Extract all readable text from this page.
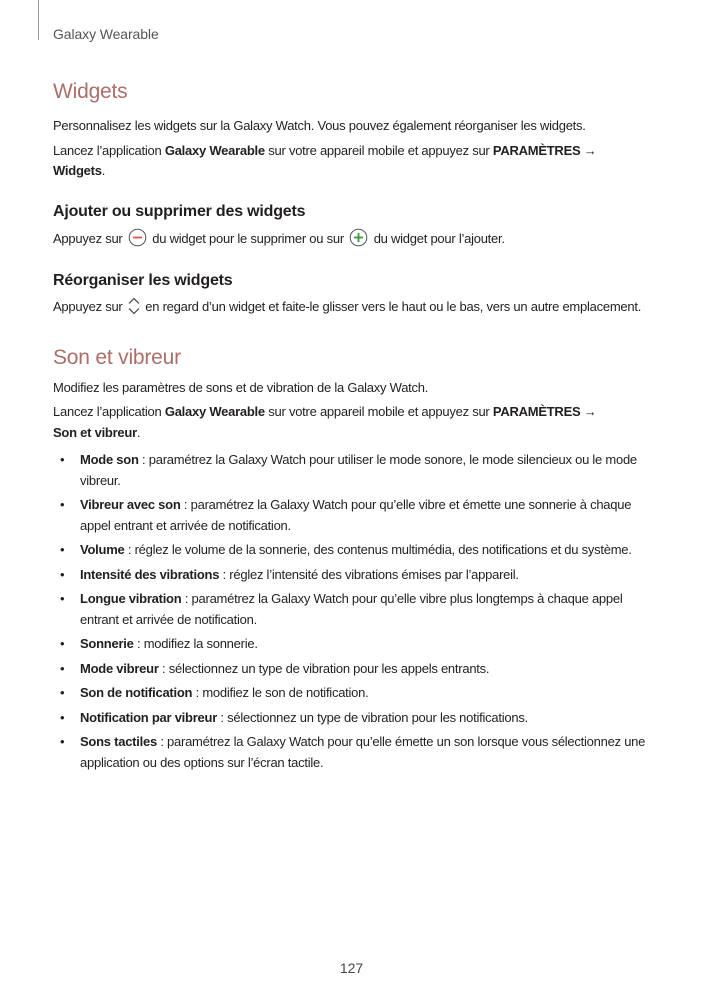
Galaxy Wearable
Widgets

Personnalisez les widgets sur la Galaxy Watch. Vous pouvez également réorganiser les widgets.

Lancez l’application Galaxy Wearable sur votre appareil mobile et appuyez sur PARAMÈTRES →
Widgets.

Ajouter ou supprimer des widgets

Appuyez sur du widget pour le supprimer ou sur du widget pour l’ajouter.

Réorganiser les widgets

Appuyez sur en regard d’un widget et faite-le glisser vers le haut ou le bas, vers un autre emplacement.

Son et vibreur

Modifiez les paramètres de sons et de vibration de la Galaxy Watch.

Lancez l’application Galaxy Wearable sur votre appareil mobile et appuyez sur PARAMÈTRES →
Son et vibreur.

• Mode son : paramétrez la Galaxy Watch pour utiliser le mode sonore, le mode silencieux ou le mode vibreur.
• Vibreur avec son : paramétrez la Galaxy Watch pour qu’elle vibre et émette une sonnerie à chaque appel entrant et arrivée de notification.
• Volume : réglez le volume de la sonnerie, des contenus multimédia, des notifications et du système.
• Intensité des vibrations : réglez l’intensité des vibrations émises par l’appareil.
• Longue vibration : paramétrez la Galaxy Watch pour qu’elle vibre plus longtemps à chaque appel entrant et arrivée de notification.
• Sonnerie : modifiez la sonnerie.
• Mode vibreur : sélectionnez un type de vibration pour les appels entrants.
• Son de notification : modifiez le son de notification.
• Notification par vibreur : sélectionnez un type de vibration pour les notifications.
• Sons tactiles : paramétrez la Galaxy Watch pour qu’elle émette un son lorsque vous sélectionnez une application ou des options sur l’écran tactile.
127
